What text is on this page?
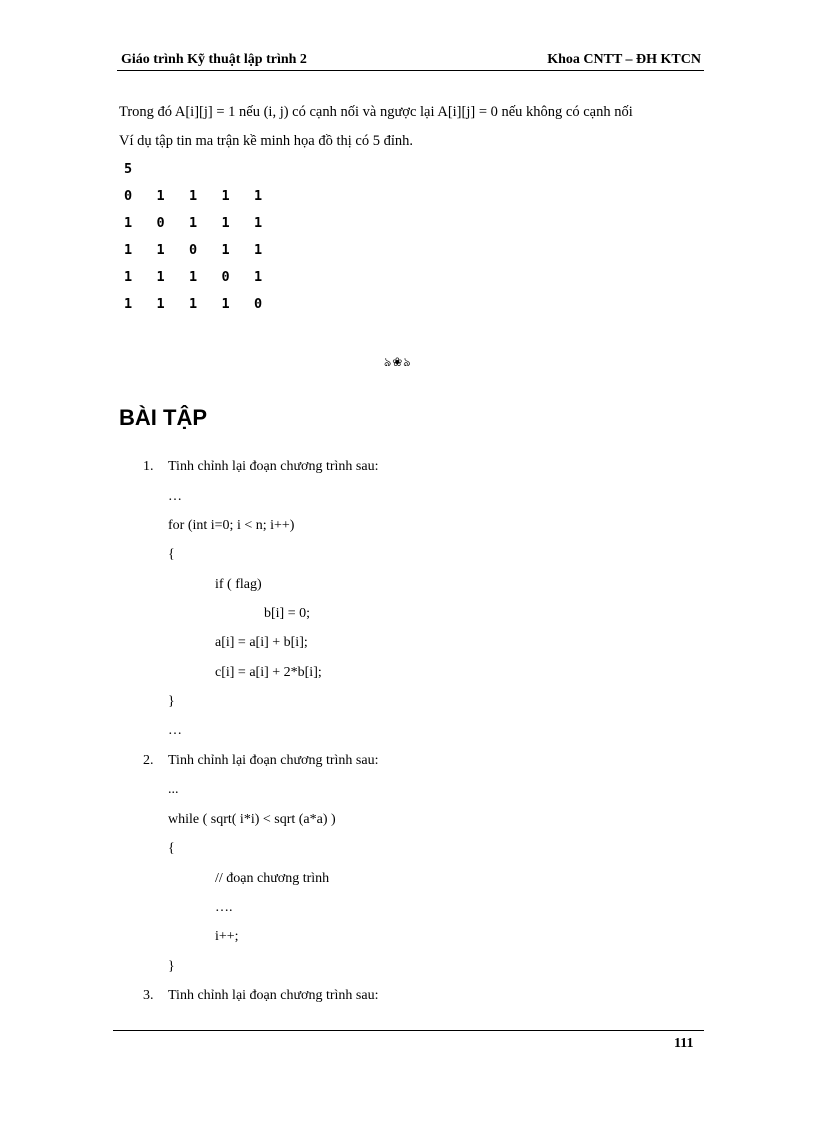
Giáo trình Kỹ thuật lập trình 2	Khoa CNTT – ĐH KTCN
Trong đó A[i][j] = 1 nếu (i, j) có cạnh nối và ngược lại A[i][j] = 0 nếu không có cạnh nối
Ví dụ tập tin ma trận kề minh họa đồ thị có 5 đỉnh.
5
0	1	1	1	1
1	0	1	1	1
1	1	0	1	1
1	1	1	0	1
1	1	1	1	0
ঌ❀ঌ
BÀI TẬP
1. Tinh chỉnh lại đoạn chương trình sau:
…
for (int i=0; i < n; i++)
{
if ( flag)
b[i] = 0;
a[i] = a[i] + b[i];
c[i] = a[i] + 2*b[i];
}
…
2. Tinh chỉnh lại đoạn chương trình sau:
...
while ( sqrt( i*i) < sqrt (a*a) )
{
// đoạn chương trình
….
i++;
}
3. Tinh chỉnh lại đoạn chương trình sau:
111
